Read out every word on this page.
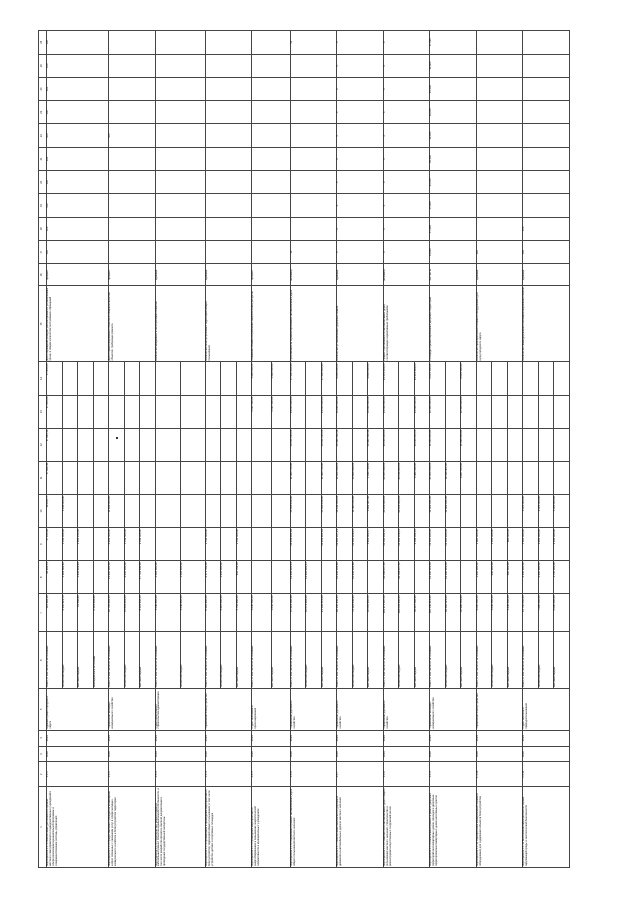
1	2	3	4	5	6	7	8	9	10	11	12	13	14	15	16	17	18	19	20	21	22	23	24	25	26
Мероприятие 1.1.1 Обеспечение деятельности органов местного самоуправления и подведомственных учреждений в сфере реализации муниципальной программы и совершенствование системы управления	1.1.1	2018	2024	Администрация городского округа	Всего, в том числе по источникам:	125 482,16	18 264,51	17 915,32	18 104,77	17 622,40	17 865,13	17 855,03	17 855,00	Доля обращений граждан, рассмотренных в установленные сроки, в общем количестве поступивших обращений	процент	100	100	100	100	100	100	100	100	100	100
					областной бюджет	4 150 621,70	1 123 582,40	1 211 050,00	1 816 000,00																
					местный бюджет	14 596,80	1 216 404,24	1 356 150,00																	
					внебюджетные источники	2 101 602,40																			
Мероприятие 1.1.2 Предоставление субсидий на возмещение затрат, связанных с оказанием услуг в сфере жилищно-коммунального хозяйства и благоустройства территории	1.1.2	2018	2024	Управление жилищно-коммунального хозяйства	Всего, в том числе по источникам:	18 735 662,15	21 200 000,00	4 262 500,00	11 268 000,00					Доля отремонтированных объектов в общем количестве объектов, требующих ремонта	процент						100				
					областной бюджет	15 604 404,00	3 416 160,00	1 116 500,00																	
					местный бюджет	3 131 258,15	17 783 840,00	3 146 000,00																	
Мероприятие 1.1.3 Строительство, реконструкция и капитальный ремонт объектов муниципальной собственности, в том числе разработка проектно-сметной документации и проведение государственной экспертизы	1.1.3	2019	2024	Отдел капитального строительства администрации	Всего, в том числе по источникам:	1 546 800,00	1 502 000,00							Количество введенных в эксплуатацию объектов	единица										
					областной бюджет	1 546 800,00	1 502 000,00																		
Мероприятие 1.1.4 Организация и проведение мероприятий по благоустройству территорий общего пользования, в том числе устройство детских и спортивных площадок	1.1.4	2018	2024	Управление благоустройства	Всего, в том числе по источникам:	6 162 390,00	2 171 762,00	1 512 000,00						Количество благоустроенных территорий общего пользования	единица										
					областной бюджет	4 410 000,00	1 215 000,00																		
					местный бюджет	1 752 390,00	956 762,00	1 512 000,00																	
Мероприятие 1.1.5 Проведение мероприятий по энергосбережению и повышению энергетической эффективности в муниципальных учреждениях	1.1.5	2020	2024	Отдел экономики и прогнозирования	Всего, в том числе по источникам:	1 640 500,00						1 621 100,00	1 492 000,00	Снижение объема потребления энергетических ресурсов	процент										
					местный бюджет	1 640 500,00						1 621 100,00	1 492 000,00												
Мероприятие 1.1.6 Содержание и ремонт автомобильных дорог общего пользования местного значения	1.1.6	2018	2024	Управление дорожного хозяйства	Всего, в том числе по источникам:	37 214 166,18	13 264 420,31	16 458 261,32	15 506 214,00	11 460 720,20	13 501 010,00	14 015 000,00	17 305 202,20	Протяженность отремонтированных автомобильных дорог	километр	12									12
					областной бюджет	16 074 664,50	13 264 420,31																		
					местный бюджет	21 139 501,68		16 458 261,32	15 506 214,00	11 460 720,20	13 501 010,00	14 015 000,00	17 305 202,20												
Мероприятие 1.1.7 Обеспечение безопасности дорожного движения на автомобильных дорогах местного значения	1.1.7	2018	2024	Управление дорожного хозяйства	Всего, в том числе по источникам:	82 130 245,51	16 416 016,62	19 464 017,21	16 142 503,04	12 004 318,00	10 460 152,46	11 640 000,00	3 600 000,00	Количество установленных дорожных знаков	единица	0	0	0	0	0	0	0	0	0	0
					областной бюджет	72 124 645,00	16 416 016,62	14 002 108,14	12 460 115,08	10 604 520,00															
					местный бюджет	10 005 600,51		5 461 909,07	3 682 387,96	1 399 798,00	10 460 152,46	11 640 000,00	3 600 000,00												
Мероприятие 1.1.8 Развитие сети автомобильных дорог общего пользования местного значения, строительство и реконструкция искусственных сооружений на них	1.1.8	2019	2024	Управление дорожного хозяйства	Всего, в том числе по источникам:	181 271 467,11	20 046 117,10	16 040 162,45	40 106 320,18	49 505 416,00	16 016 000,00	13 002 000,00	23 301 463,00	Прирост протяженности автомобильных дорог, соответствующих нормативным требованиям	километр	0	0	0	0	0	0	0	0	0	0
					областной бюджет	132 004 400,21	20 046 117,10	14 002 108,14	40 106 320,18	40 016 000,00															
					местный бюджет	49 267 066,90		2 038 054,31		9 489 416,00	16 016 000,00	13 002 000,00	23 301 463,00												
Мероприятие 1.1.9 Капитальный ремонт и ремонт дворовых территорий многоквартирных домов, проездов к дворовым территориям многоквартирных домов населенных пунктов	1.1.9	2018	2024	Управление жилищно-коммунального хозяйства	Всего, в том числе по источникам:	135 146 614,20	14 160 001,00	13 501 160,00	12 480 041,00	21 004 016,00	11 060 000,00	10 400 000,00	2 601 140,00	Площадь отремонтированных дворовых территорий	тыс. кв. м	14,620	17,620	17,620	21,010	18,160	12,000	13,000	15,160	14,620	17,520
					областной бюджет	99 160 021,00	14 160 001,00	13 501 160,00	12 480 041,00	16 116 401,00															
					местный бюджет	35 986 593,20				4 887 615,00	11 060 000,00	10 400 000,00	2 601 140,00												
Мероприятие 1.1.10 Приобретение коммунальной техники и оборудования для содержания объектов благоустройства	1.1.10	2018	2024	Управление благоустройства	Всего, в том числе по источникам:	3 080 000,00	1 200 000,00	1 880 000,00						Количество приобретенной техники и оборудования для нужд городского округа	единица	120									
					областной бюджет	1 640 000,00	640 000,00	1 000 000,00																	
					местный бюджет	1 440 000,00	560 000,00	880 000,00																	
Мероприятие 1.1.11 Выполнение мероприятий по охране окружающей среды и экологической безопасности	1.1.11	2018	2024	Отдел экологии и природопользования	Всего, в том числе по источникам:	12 750 000,00	4 150 000,00	5 600 000,00	3 000 000,00					Количество ликвидированных несанкционированных свалок	единица	100	100								
					областной бюджет	7 660 000,00	2 400 000,00	3 260 000,00	2 000 000,00																
					местный бюджет	5 090 000,00	1 750 000,00	2 340 000,00	1 000 000,00																
